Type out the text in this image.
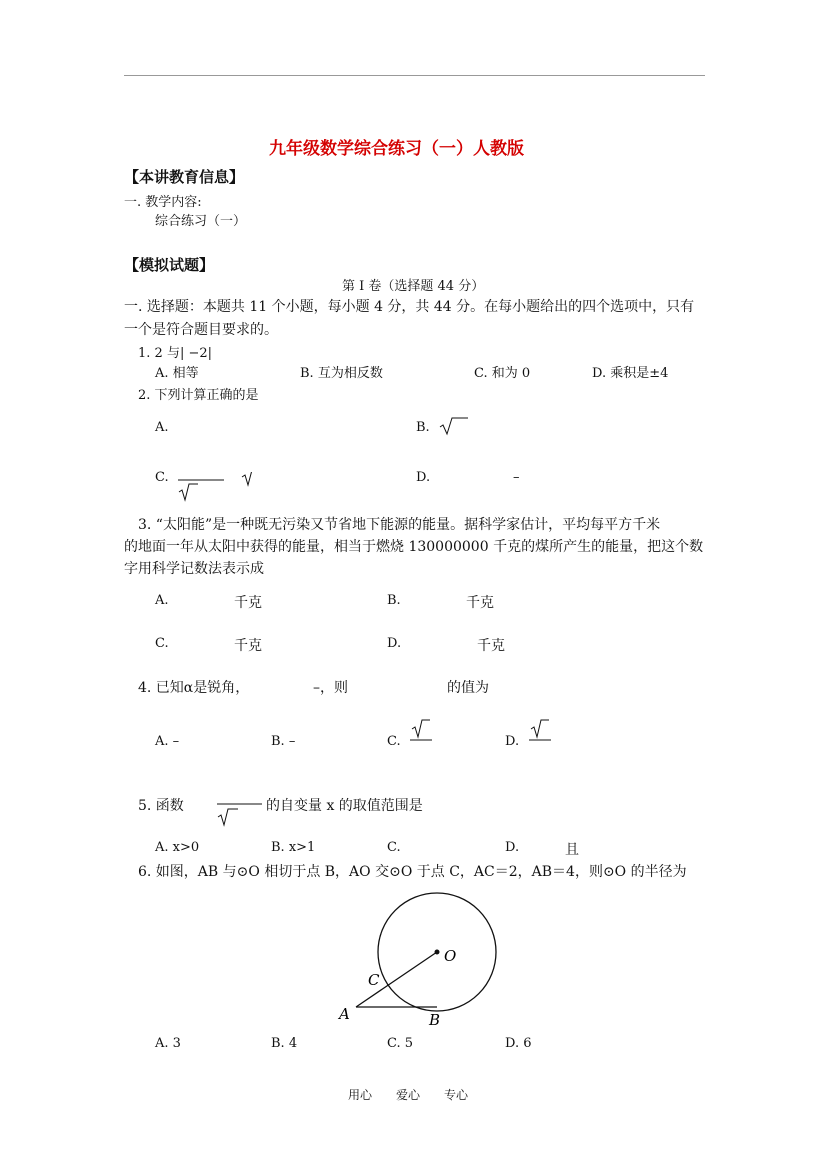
九年级数学综合练习（一）人教版
【本讲教育信息】
一. 教学内容:
综合练习（一）
【模拟试题】
第 I 卷（选择题 44 分）
一. 选择题：本题共 11 个小题，每小题 4 分，共 44 分。在每小题给出的四个选项中，只有
一个是符合题目要求的。
1. 2 与| −2|
A. 相等	B. 互为相反数	C. 和为 0	D. 乘积是±4
2. 下列计算正确的是
A.	B.
C.	D.	–
3. “太阳能”是一种既无污染又节省地下能源的能量。据科学家估计，平均每平方千米
的地面一年从太阳中获得的能量，相当于燃烧 130000000 千克的煤所产生的能量，把这个数
字用科学记数法表示成
A.	千克	B.	千克
C.	千克	D.	千克
4. 已知α是锐角，	–，则	的值为
A. –	B. –	C.	D.
5. 函数	的自变量 x 的取值范围是
A. x>0	B. x>1	C.	D.	且
6. 如图，AB 与⊙O 相切于点 B，AO 交⊙O 于点 C，AC＝2，AB＝4，则⊙O 的半径为
O
C
A	B
A. 3	B. 4	C. 5	D. 6
用心　　爱心　　专心
